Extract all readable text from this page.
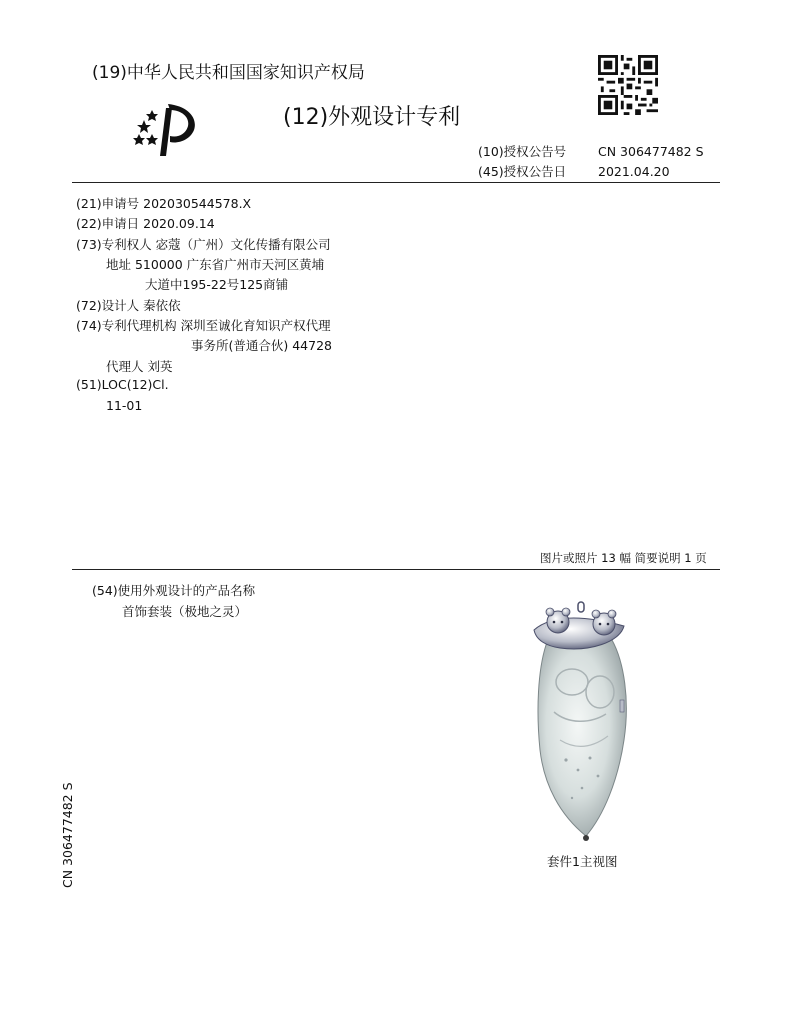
(19)中华人民共和国国家知识产权局
(12)外观设计专利
(10)授权公告号	CN 306477482 S
(45)授权公告日	2021.04.20
(21)申请号 202030544578.X
(22)申请日 2020.09.14
(73)专利权人 宓蔻（广州）文化传播有限公司
地址 510000 广东省广州市天河区黄埔
大道中195-22号125商铺
(72)设计人 秦依依
(74)专利代理机构 深圳至诚化育知识产权代理
事务所(普通合伙) 44728
代理人 刘英
(51)LOC(12)Cl.
11-01
图片或照片 13 幅 简要说明 1 页
(54)使用外观设计的产品名称
首饰套装（极地之灵）
CN 306477482 S	套件1主视图
